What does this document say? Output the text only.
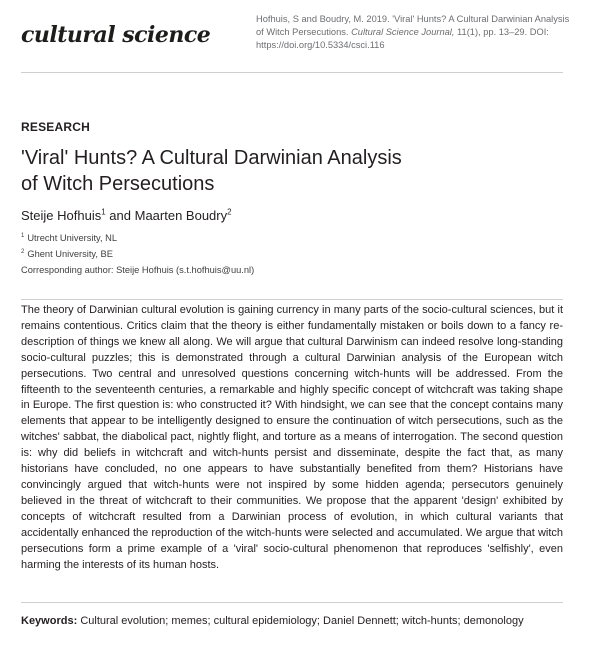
cultural science
Hofhuis, S and Boudry, M. 2019. 'Viral' Hunts? A Cultural Darwinian Analysis of Witch Persecutions. Cultural Science Journal, 11(1), pp. 13–29. DOI: https://doi.org/10.5334/csci.116
RESEARCH
'Viral' Hunts? A Cultural Darwinian Analysis
of Witch Persecutions
Steije Hofhuis$^1$ and Maarten Boudry$^2$
$^1$ Utrecht University, NL
$^2$ Ghent University, BE
Corresponding author: Steije Hofhuis (s.t.hofhuis@uu.nl)

The theory of Darwinian cultural evolution is gaining currency in many parts of the socio-cultural sciences, but it remains contentious. Critics claim that the theory is either fundamentally mistaken or boils down to a fancy re-description of things we knew all along. We will argue that cultural Darwinism can indeed resolve long-standing socio-cultural puzzles; this is demonstrated through a cultural Darwinian analysis of the European witch persecutions. Two central and unresolved questions concerning witch-hunts will be addressed. From the fifteenth to the seventeenth centuries, a remarkable and highly specific concept of witchcraft was taking shape in Europe. The first question is: who constructed it? With hindsight, we can see that the concept contains many elements that appear to be intelligently designed to ensure the continuation of witch persecutions, such as the witches' sabbat, the diabolical pact, nightly flight, and torture as a means of interrogation. The second question is: why did beliefs in witchcraft and witch-hunts persist and disseminate, despite the fact that, as many historians have concluded, no one appears to have substantially benefited from them? Historians have convincingly argued that witch-hunts were not inspired by some hidden agenda; persecutors genuinely believed in the threat of witchcraft to their communities. We propose that the apparent 'design' exhibited by concepts of witchcraft resulted from a Darwinian process of evolution, in which cultural variants that accidentally enhanced the reproduction of the witch-hunts were selected and accumulated. We argue that witch persecutions form a prime example of a 'viral' socio-cultural phenomenon that reproduces 'selfishly', even harming the interests of its human hosts.

Keywords: Cultural evolution; memes; cultural epidemiology; Daniel Dennett; witch-hunts; demonology
